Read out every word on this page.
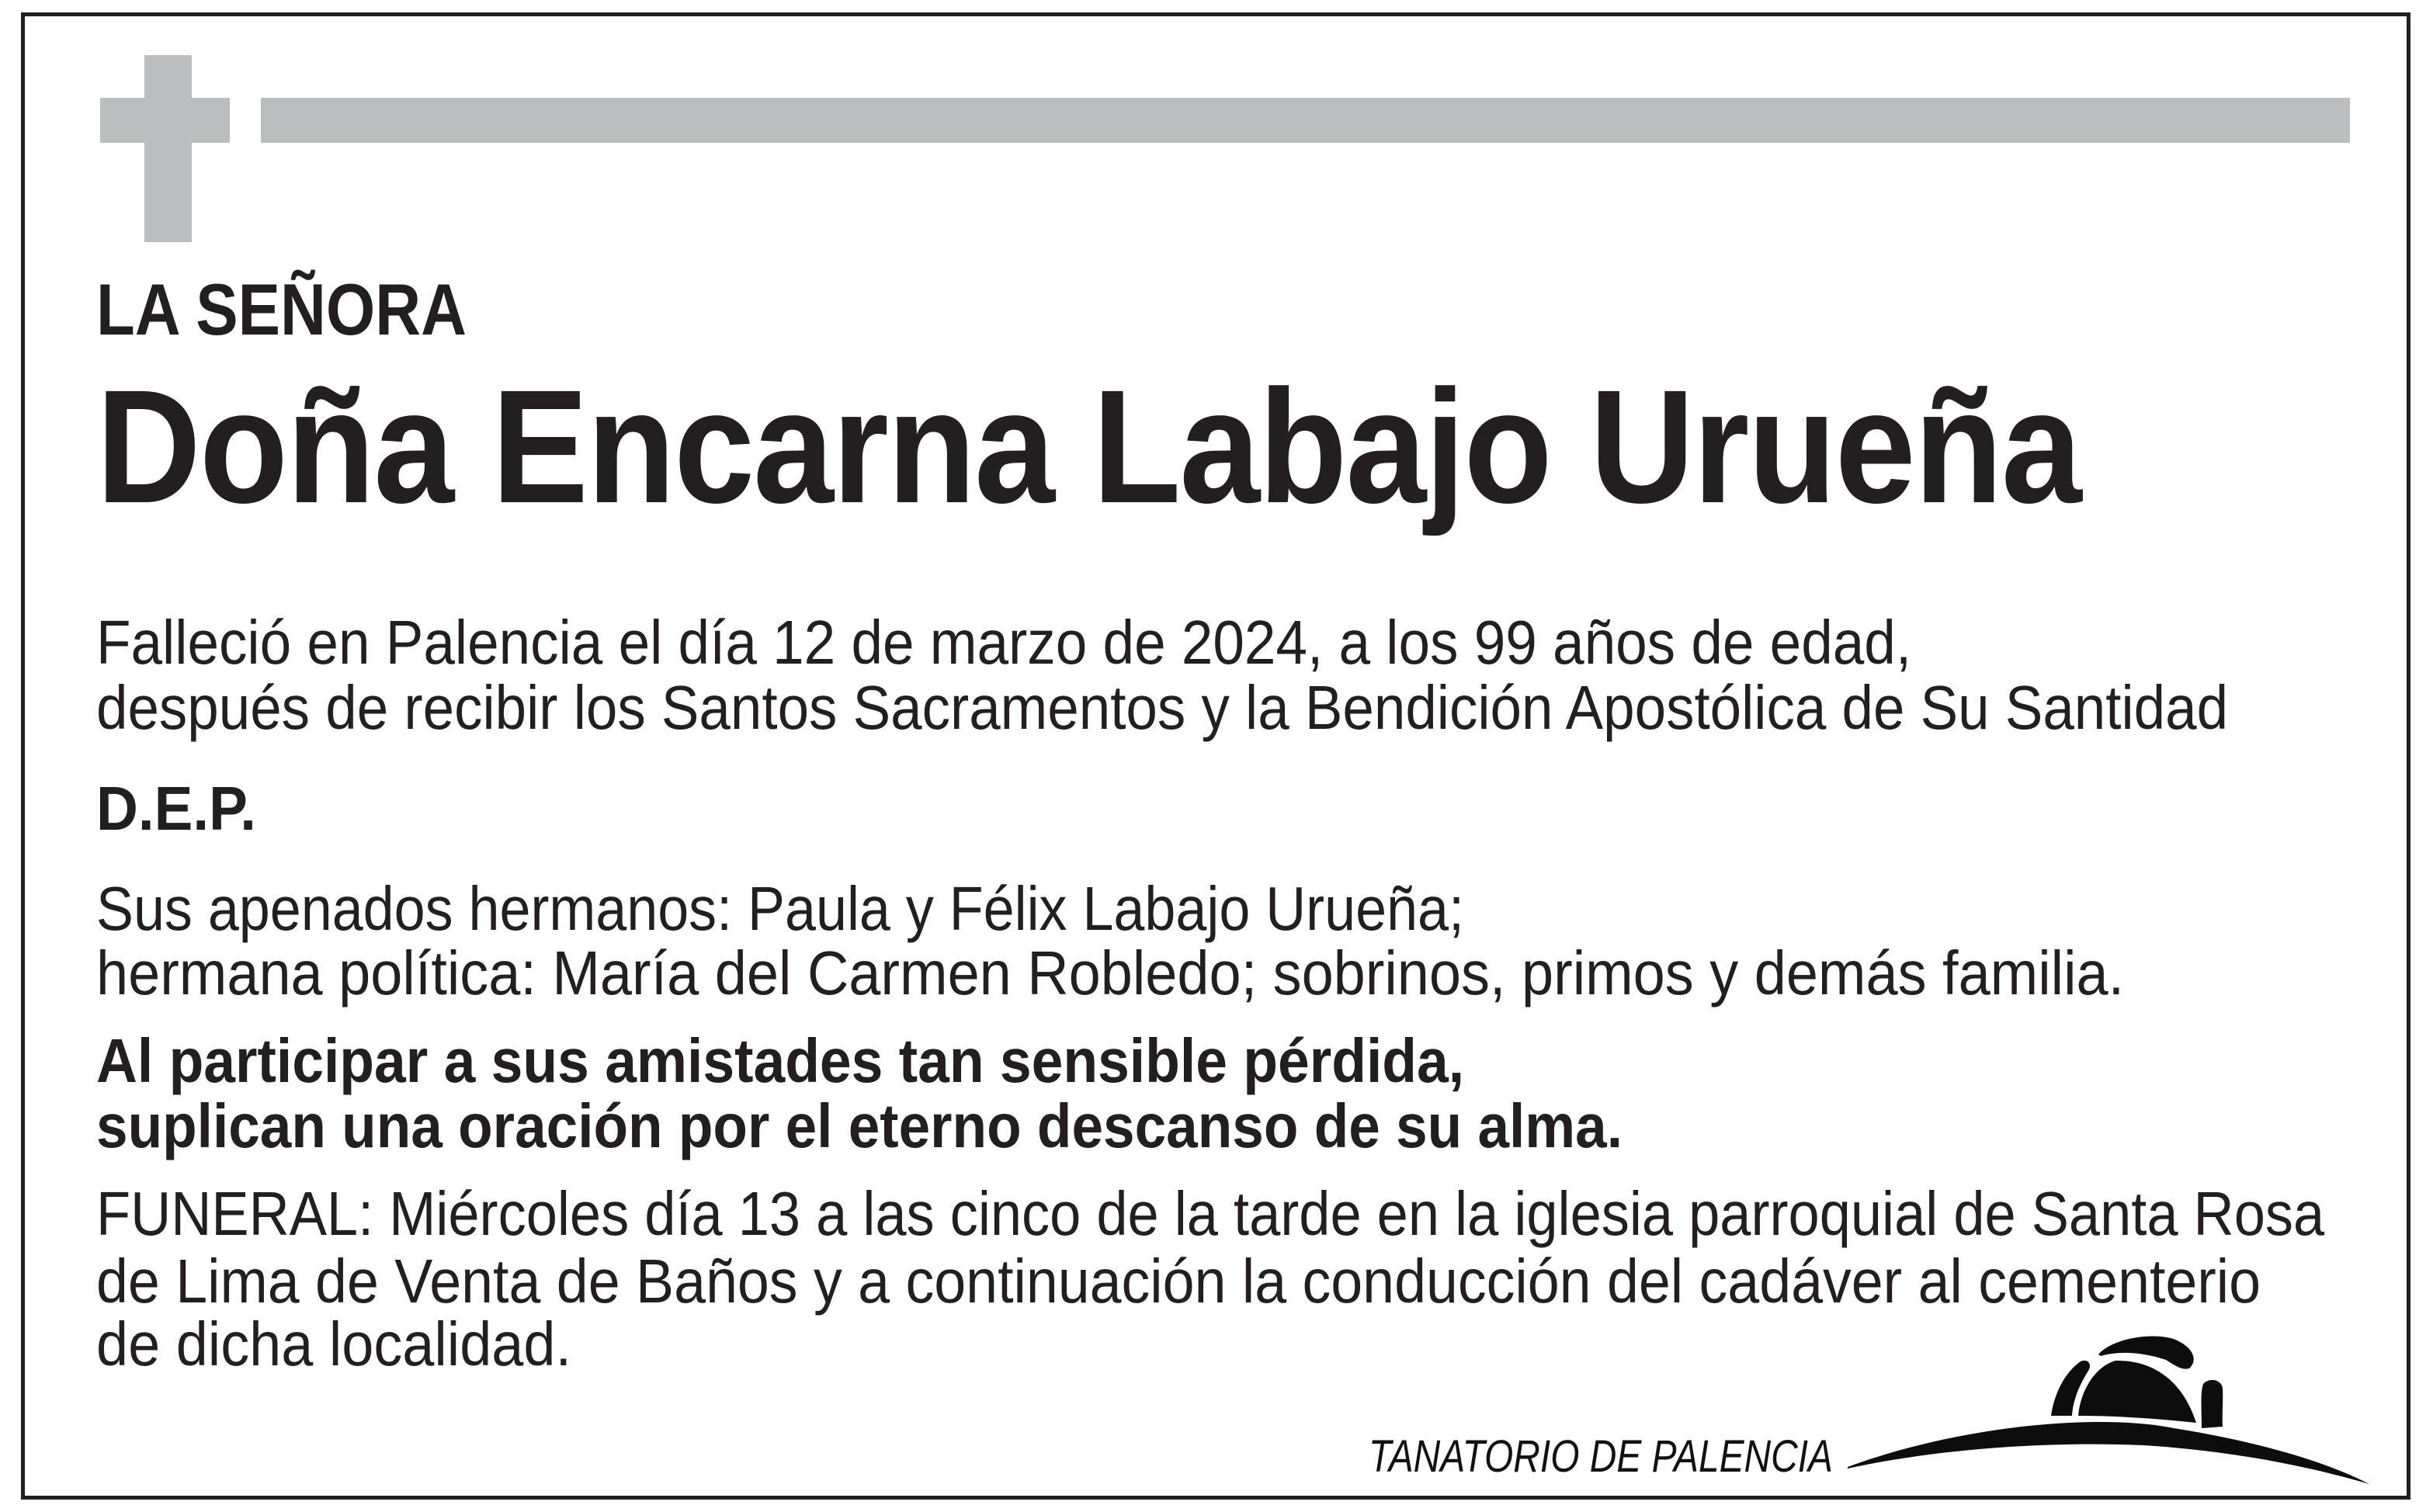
LA SEÑORA
Doña Encarna Labajo Urueña
Falleció en Palencia el día 12 de marzo de 2024, a los 99 años de edad,
después de recibir los Santos Sacramentos y la Bendición Apostólica de Su Santidad
D.E.P.
Sus apenados hermanos: Paula y Félix Labajo Urueña;
hermana política: María del Carmen Robledo; sobrinos, primos y demás familia.
Al participar a sus amistades tan sensible pérdida,
suplican una oración por el eterno descanso de su alma.
FUNERAL: Miércoles día 13 a las cinco de la tarde en la iglesia parroquial de Santa Rosa
de Lima de Venta de Baños y a continuación la conducción del cadáver al cementerio
de dicha localidad.
TANATORIO DE PALENCIA
